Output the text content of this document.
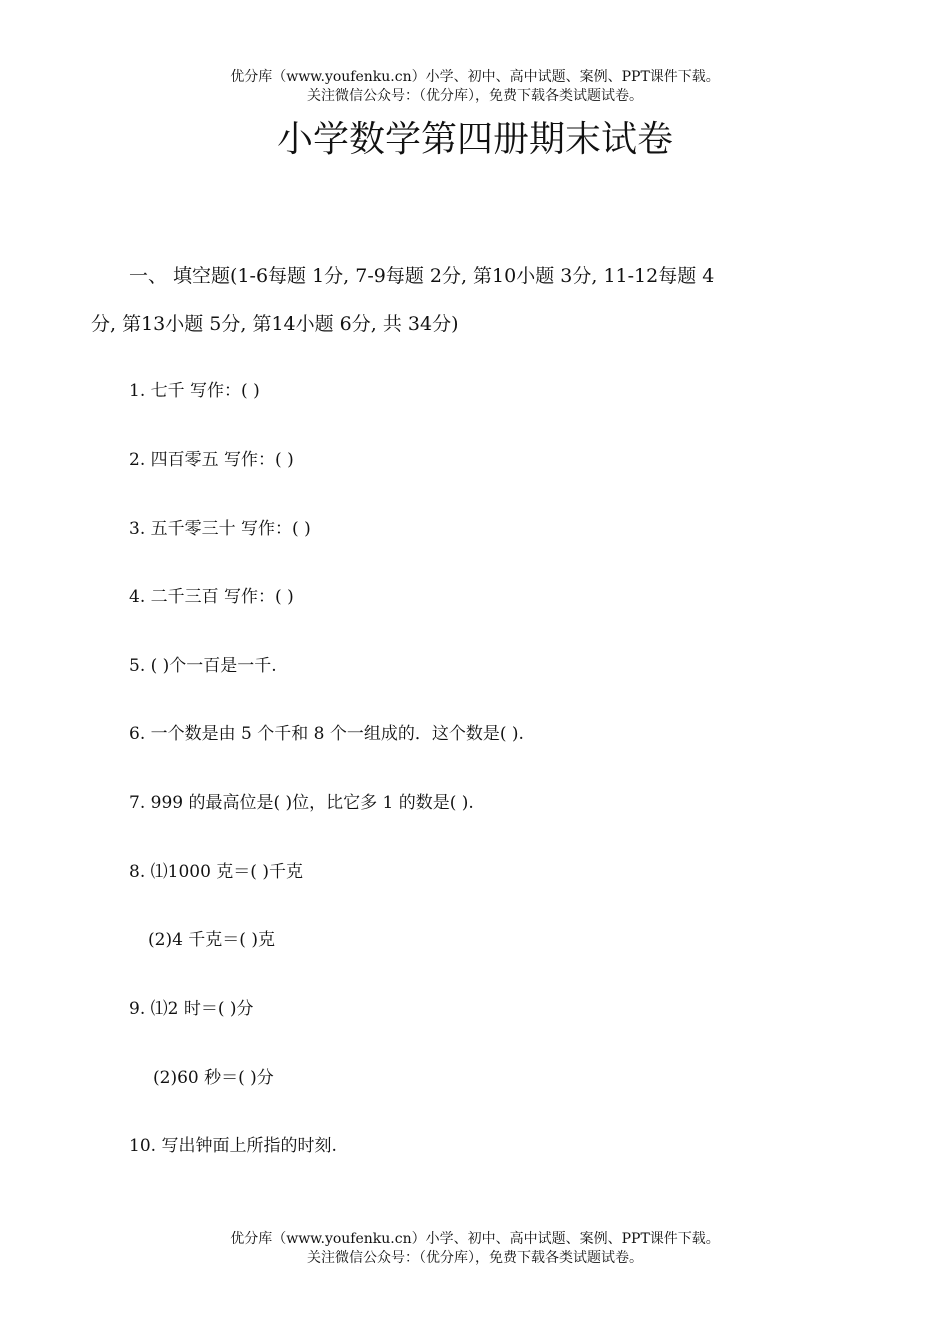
优分库（www.youfenku.cn）小学、初中、高中试题、案例、PPT课件下载。
关注微信公众号：（优分库），免费下载各类试题试卷。
小学数学第四册期末试卷
一、 填空题(1-6每题 1分, 7-9每题 2分, 第10小题 3分, 11-12每题 4
分, 第13小题 5分, 第14小题 6分, 共 34分)
1. 七千 写作：( )
2. 四百零五 写作：( )
3. 五千零三十 写作：( )
4. 二千三百 写作：( )
5. ( )个一百是一千.
6. 一个数是由 5 个千和 8 个一组成的．这个数是( ).
7. 999 的最高位是( )位，比它多 1 的数是( ).
8. ⑴1000 克＝( )千克
(2)4 千克＝( )克
9. ⑴2 时＝( )分
(2)60 秒＝( )分
10. 写出钟面上所指的时刻.
优分库（www.youfenku.cn）小学、初中、高中试题、案例、PPT课件下载。
关注微信公众号：（优分库），免费下载各类试题试卷。
